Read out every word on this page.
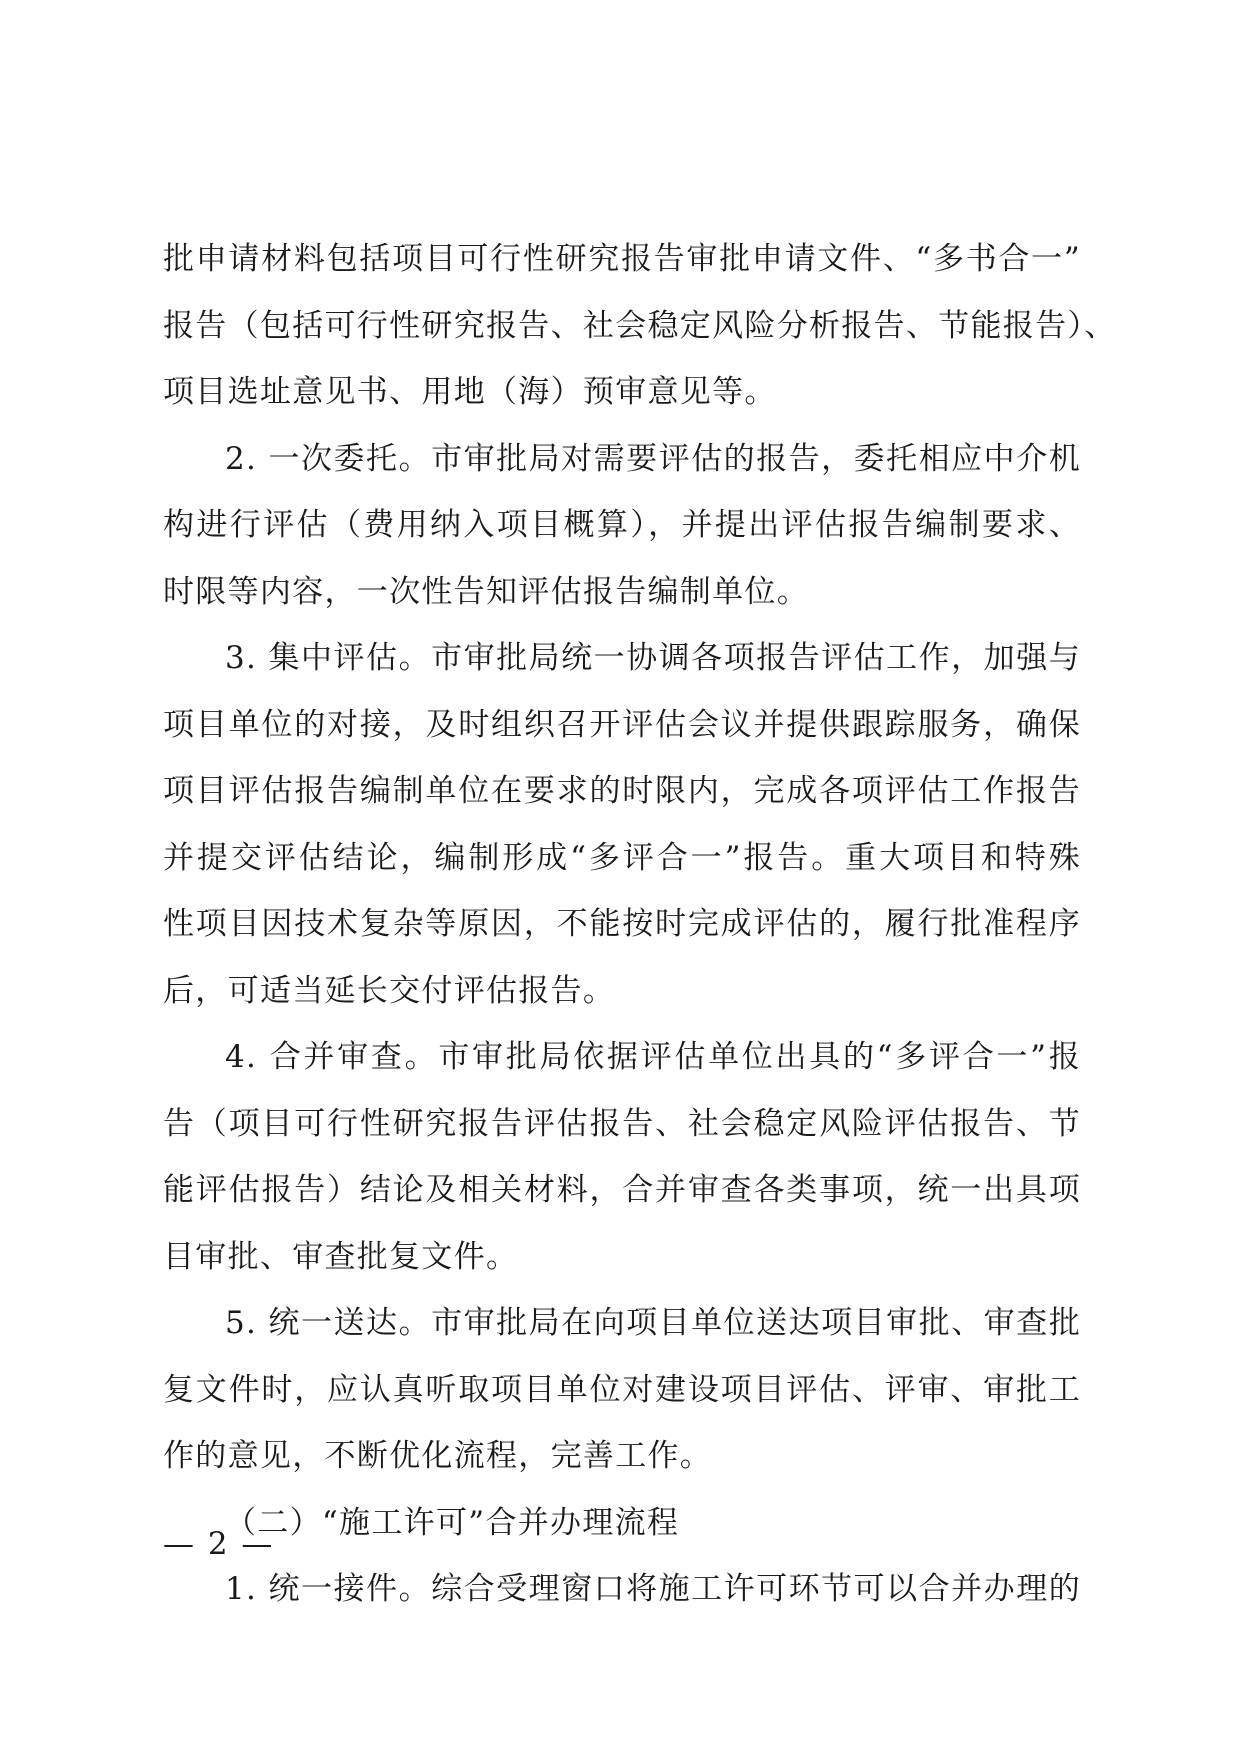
批申请材料包括项目可行性研究报告审批申请文件、“多书合一”
报告（包括可行性研究报告、社会稳定风险分析报告、节能报告）、
项目选址意见书、用地（海）预审意见等。
2. 一次委托。市审批局对需要评估的报告，委托相应中介机
构进行评估（费用纳入项目概算），并提出评估报告编制要求、
时限等内容，一次性告知评估报告编制单位。
3. 集中评估。市审批局统一协调各项报告评估工作，加强与
项目单位的对接，及时组织召开评估会议并提供跟踪服务，确保
项目评估报告编制单位在要求的时限内，完成各项评估工作报告
并提交评估结论，编制形成“多评合一”报告。重大项目和特殊
性项目因技术复杂等原因，不能按时完成评估的，履行批准程序
后，可适当延长交付评估报告。
4. 合并审查。市审批局依据评估单位出具的“多评合一”报
告（项目可行性研究报告评估报告、社会稳定风险评估报告、节
能评估报告）结论及相关材料，合并审查各类事项，统一出具项
目审批、审查批复文件。
5. 统一送达。市审批局在向项目单位送达项目审批、审查批
复文件时，应认真听取项目单位对建设项目评估、评审、审批工
作的意见，不断优化流程，完善工作。
（二）“施工许可”合并办理流程
1. 统一接件。综合受理窗口将施工许可环节可以合并办理的
— 2 —
